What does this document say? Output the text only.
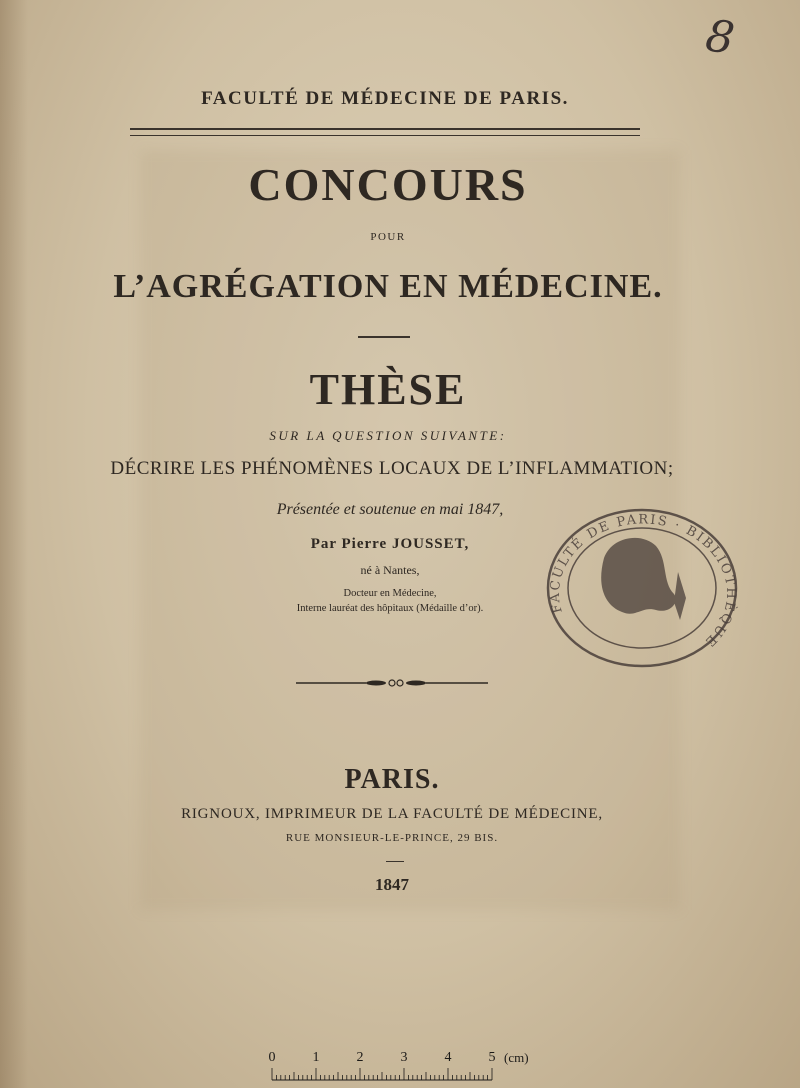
8
FACULTÉ DE MÉDECINE DE PARIS.
CONCOURS
POUR
L’AGRÉGATION EN MÉDECINE.
THÈSE
SUR LA QUESTION SUIVANTE:
DÉCRIRE LES PHÉNOMÈNES LOCAUX DE L’INFLAMMATION;
Présentée et soutenue en mai 1847,
Par Pierre JOUSSET,
né à Nantes,
Docteur en Médecine,
Interne lauréat des hôpitaux (Médaille d’or).	FACULTÉ DE PARIS · BIBLIOTHÈQUE
PARIS.
RIGNOUX, IMPRIMEUR DE LA FACULTÉ DE MÉDECINE,
RUE MONSIEUR-LE-PRINCE, 29 BIS.
1847
0	1	2	3	4	5 (cm)
